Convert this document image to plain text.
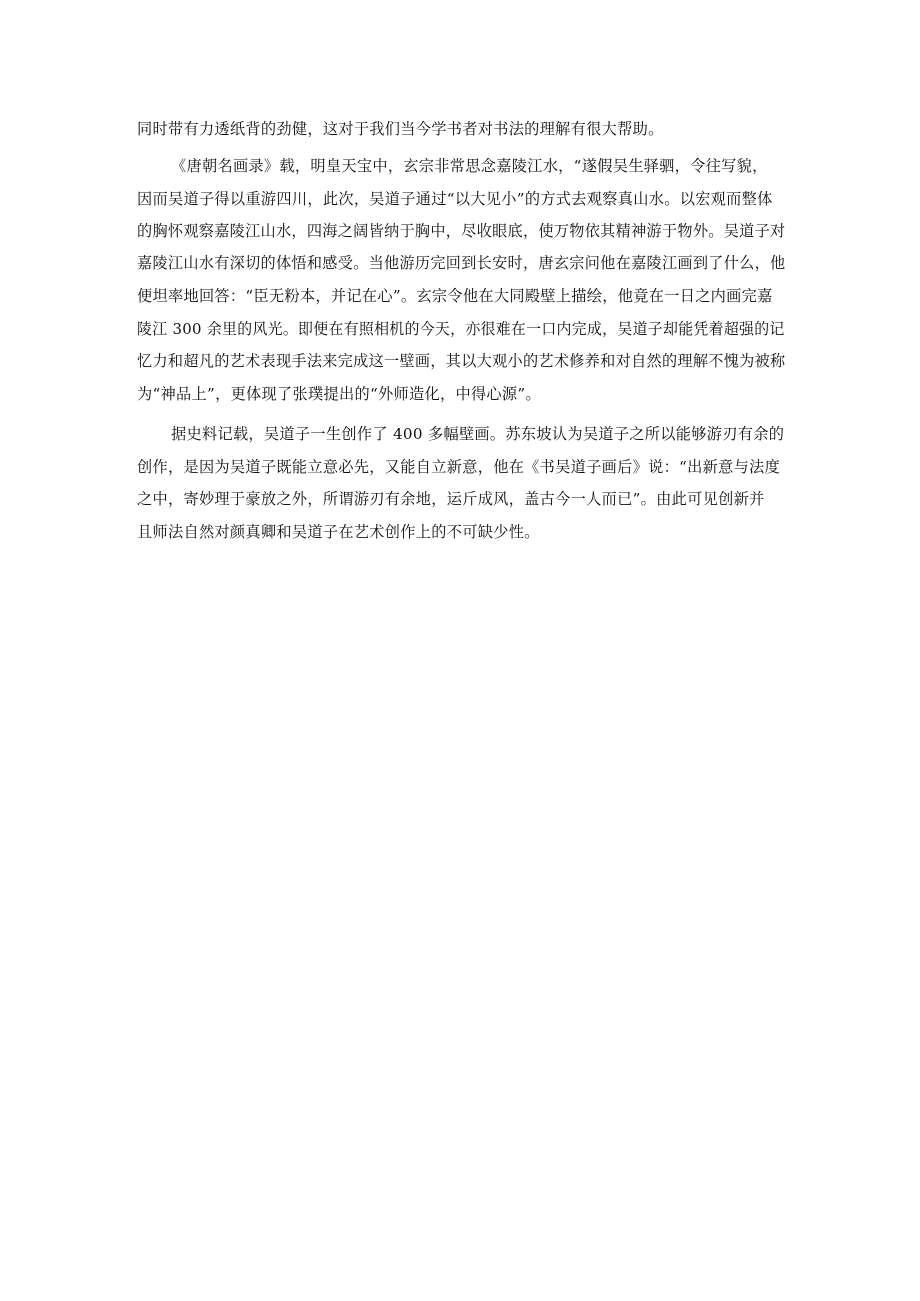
同时带有力透纸背的劲健，这对于我们当今学书者对书法的理解有很大帮助。
《唐朝名画录》载，明皇天宝中，玄宗非常思念嘉陵江水，“遂假吴生驿驷，令往写貌，
因而吴道子得以重游四川，此次，吴道子通过“以大见小”的方式去观察真山水。以宏观而整体
的胸怀观察嘉陵江山水，四海之阔皆纳于胸中，尽收眼底，使万物依其精神游于物外。吴道子对
嘉陵江山水有深切的体悟和感受。当他游历完回到长安时，唐玄宗问他在嘉陵江画到了什么，他
便坦率地回答：“臣无粉本，并记在心”。玄宗令他在大同殿壁上描绘，他竟在一日之内画完嘉
陵江 300 余里的风光。即便在有照相机的今天，亦很难在一口内完成，吴道子却能凭着超强的记
忆力和超凡的艺术表现手法来完成这一壁画，其以大观小的艺术修养和对自然的理解不愧为被称
为“神品上”，更体现了张璞提出的“外师造化，中得心源”。
据史料记载，吴道子一生创作了 400 多幅壁画。苏东坡认为吴道子之所以能够游刃有余的
创作，是因为吴道子既能立意必先，又能自立新意，他在《书吴道子画后》说：“出新意与法度
之中，寄妙理于豪放之外，所谓游刃有余地，运斤成风，盖古今一人而已”。由此可见创新并
且师法自然对颜真卿和吴道子在艺术创作上的不可缺少性。
